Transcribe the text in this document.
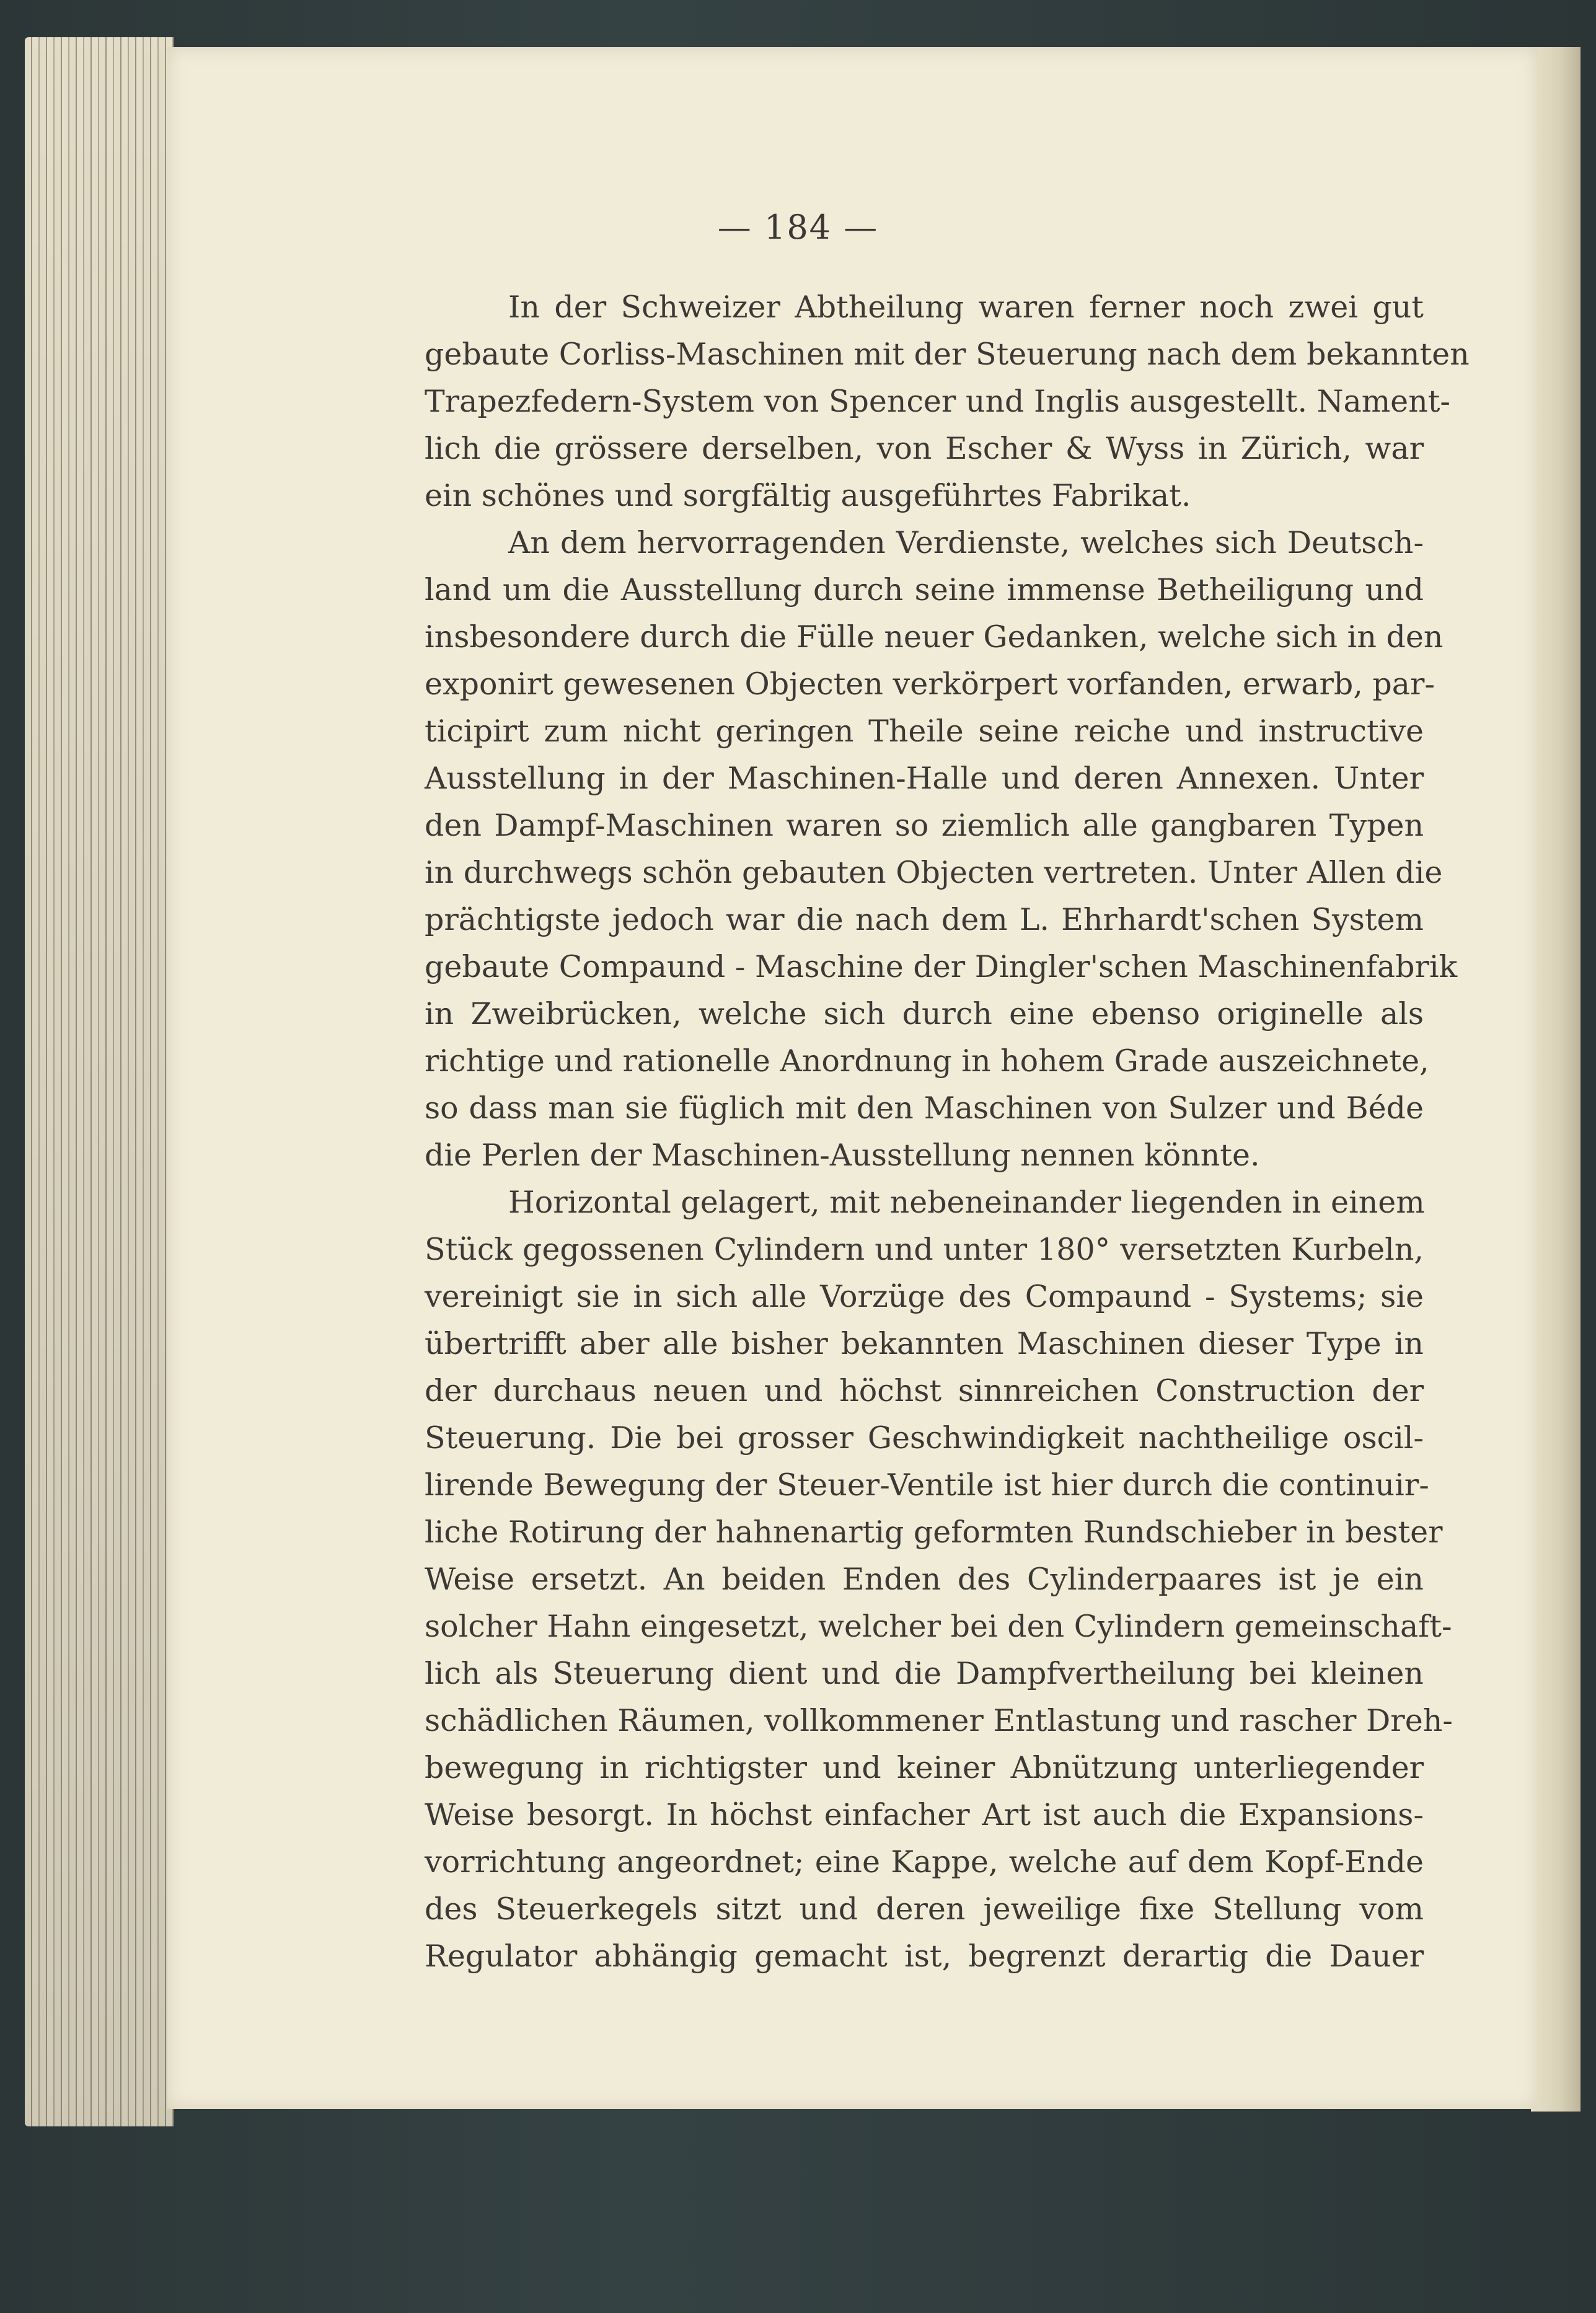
— 184 —
In der Schweizer Abtheilung waren ferner noch zwei gut
gebaute Corliss-Maschinen mit der Steuerung nach dem bekannten
Trapezfedern-System von Spencer und Inglis ausgestellt. Nament-
lich die grössere derselben, von Escher & Wyss in Zürich, war
ein schönes und sorgfältig ausgeführtes Fabrikat.
An dem hervorragenden Verdienste, welches sich Deutsch-
land um die Ausstellung durch seine immense Betheiligung und
insbesondere durch die Fülle neuer Gedanken, welche sich in den
exponirt gewesenen Objecten verkörpert vorfanden, erwarb, par-
ticipirt zum nicht geringen Theile seine reiche und instructive
Ausstellung in der Maschinen-Halle und deren Annexen. Unter
den Dampf-Maschinen waren so ziemlich alle gangbaren Typen
in durchwegs schön gebauten Objecten vertreten. Unter Allen die
prächtigste jedoch war die nach dem L. Ehrhardt'schen System
gebaute Compaund - Maschine der Dingler'schen Maschinenfabrik
in Zweibrücken, welche sich durch eine ebenso originelle als
richtige und rationelle Anordnung in hohem Grade auszeichnete,
so dass man sie füglich mit den Maschinen von Sulzer und Béde
die Perlen der Maschinen-Ausstellung nennen könnte.
Horizontal gelagert, mit nebeneinander liegenden in einem
Stück gegossenen Cylindern und unter 180° versetzten Kurbeln,
vereinigt sie in sich alle Vorzüge des Compaund - Systems; sie
übertrifft aber alle bisher bekannten Maschinen dieser Type in
der durchaus neuen und höchst sinnreichen Construction der
Steuerung. Die bei grosser Geschwindigkeit nachtheilige oscil-
lirende Bewegung der Steuer-Ventile ist hier durch die continuir-
liche Rotirung der hahnenartig geformten Rundschieber in bester
Weise ersetzt. An beiden Enden des Cylinderpaares ist je ein
solcher Hahn eingesetzt, welcher bei den Cylindern gemeinschaft-
lich als Steuerung dient und die Dampfvertheilung bei kleinen
schädlichen Räumen, vollkommener Entlastung und rascher Dreh-
bewegung in richtigster und keiner Abnützung unterliegender
Weise besorgt. In höchst einfacher Art ist auch die Expansions-
vorrichtung angeordnet; eine Kappe, welche auf dem Kopf-Ende
des Steuerkegels sitzt und deren jeweilige fixe Stellung vom
Regulator abhängig gemacht ist, begrenzt derartig die Dauer
